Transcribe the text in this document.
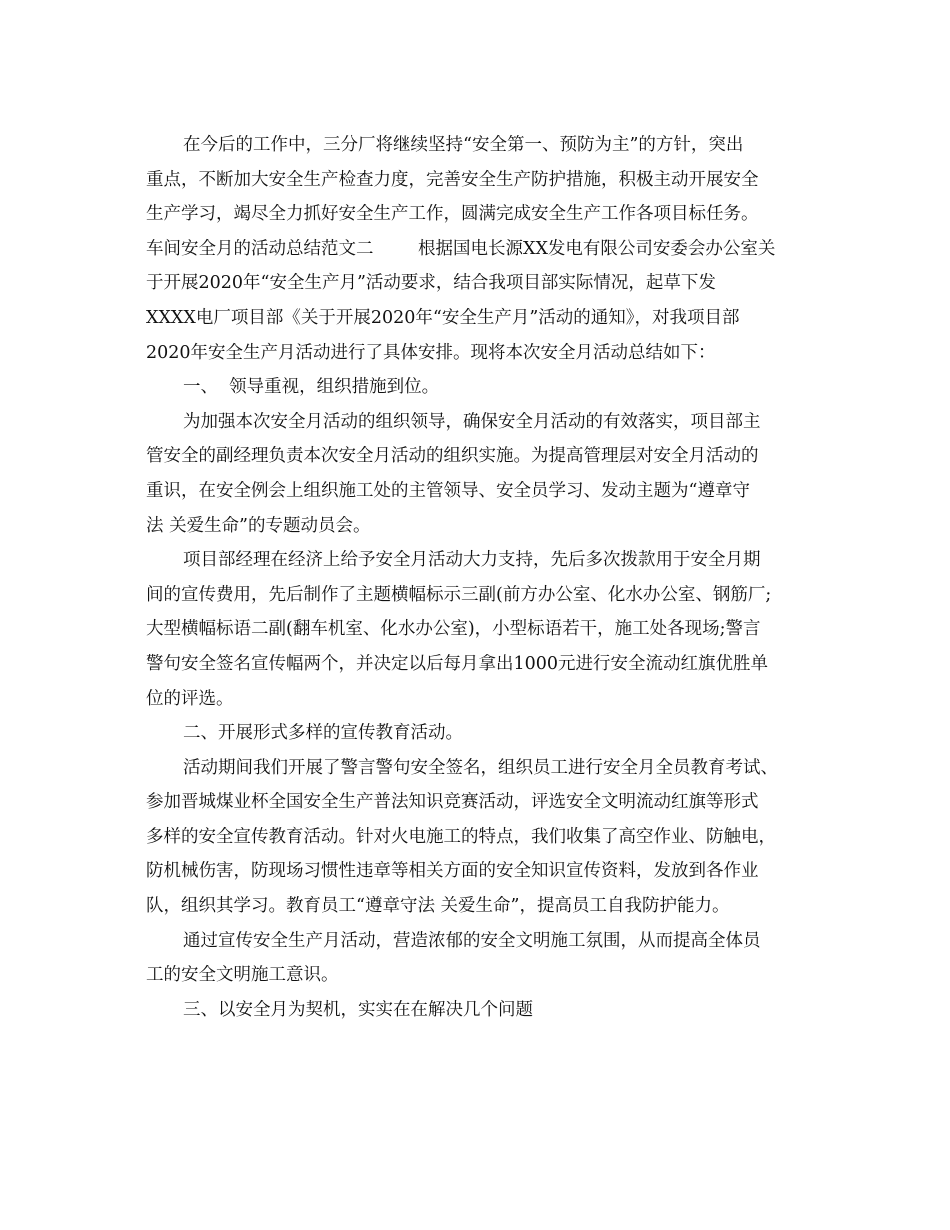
在今后的工作中，三分厂将继续坚持“安全第一、预防为主”的方针，突出
重点，不断加大安全生产检查力度，完善安全生产防护措施，积极主动开展安全
生产学习，竭尽全力抓好安全生产工作，圆满完成安全生产工作各项目标任务。
车间安全月的活动总结范文二        根据国电长源XX发电有限公司安委会办公室关
于开展2020年“安全生产月”活动要求，结合我项目部实际情况，起草下发
XXXX电厂项目部《关于开展2020年“安全生产月”活动的通知》，对我项目部
2020年安全生产月活动进行了具体安排。现将本次安全月活动总结如下：
一、  领导重视，组织措施到位。
为加强本次安全月活动的组织领导，确保安全月活动的有效落实，项目部主
管安全的副经理负责本次安全月活动的组织实施。为提高管理层对安全月活动的
重识，在安全例会上组织施工处的主管领导、安全员学习、发动主题为“遵章守
法 关爱生命”的专题动员会。
项目部经理在经济上给予安全月活动大力支持，先后多次拨款用于安全月期
间的宣传费用，先后制作了主题横幅标示三副(前方办公室、化水办公室、钢筋厂;
大型横幅标语二副(翻车机室、化水办公室)，小型标语若干，施工处各现场;警言
警句安全签名宣传幅两个，并决定以后每月拿出1000元进行安全流动红旗优胜单
位的评选。
二、开展形式多样的宣传教育活动。
活动期间我们开展了警言警句安全签名，组织员工进行安全月全员教育考试、
参加晋城煤业杯全国安全生产普法知识竞赛活动，评选安全文明流动红旗等形式
多样的安全宣传教育活动。针对火电施工的特点，我们收集了高空作业、防触电，
防机械伤害，防现场习惯性违章等相关方面的安全知识宣传资料，发放到各作业
队，组织其学习。教育员工“遵章守法 关爱生命”，提高员工自我防护能力。
通过宣传安全生产月活动，营造浓郁的安全文明施工氛围，从而提高全体员
工的安全文明施工意识。
三、以安全月为契机，实实在在解决几个问题
